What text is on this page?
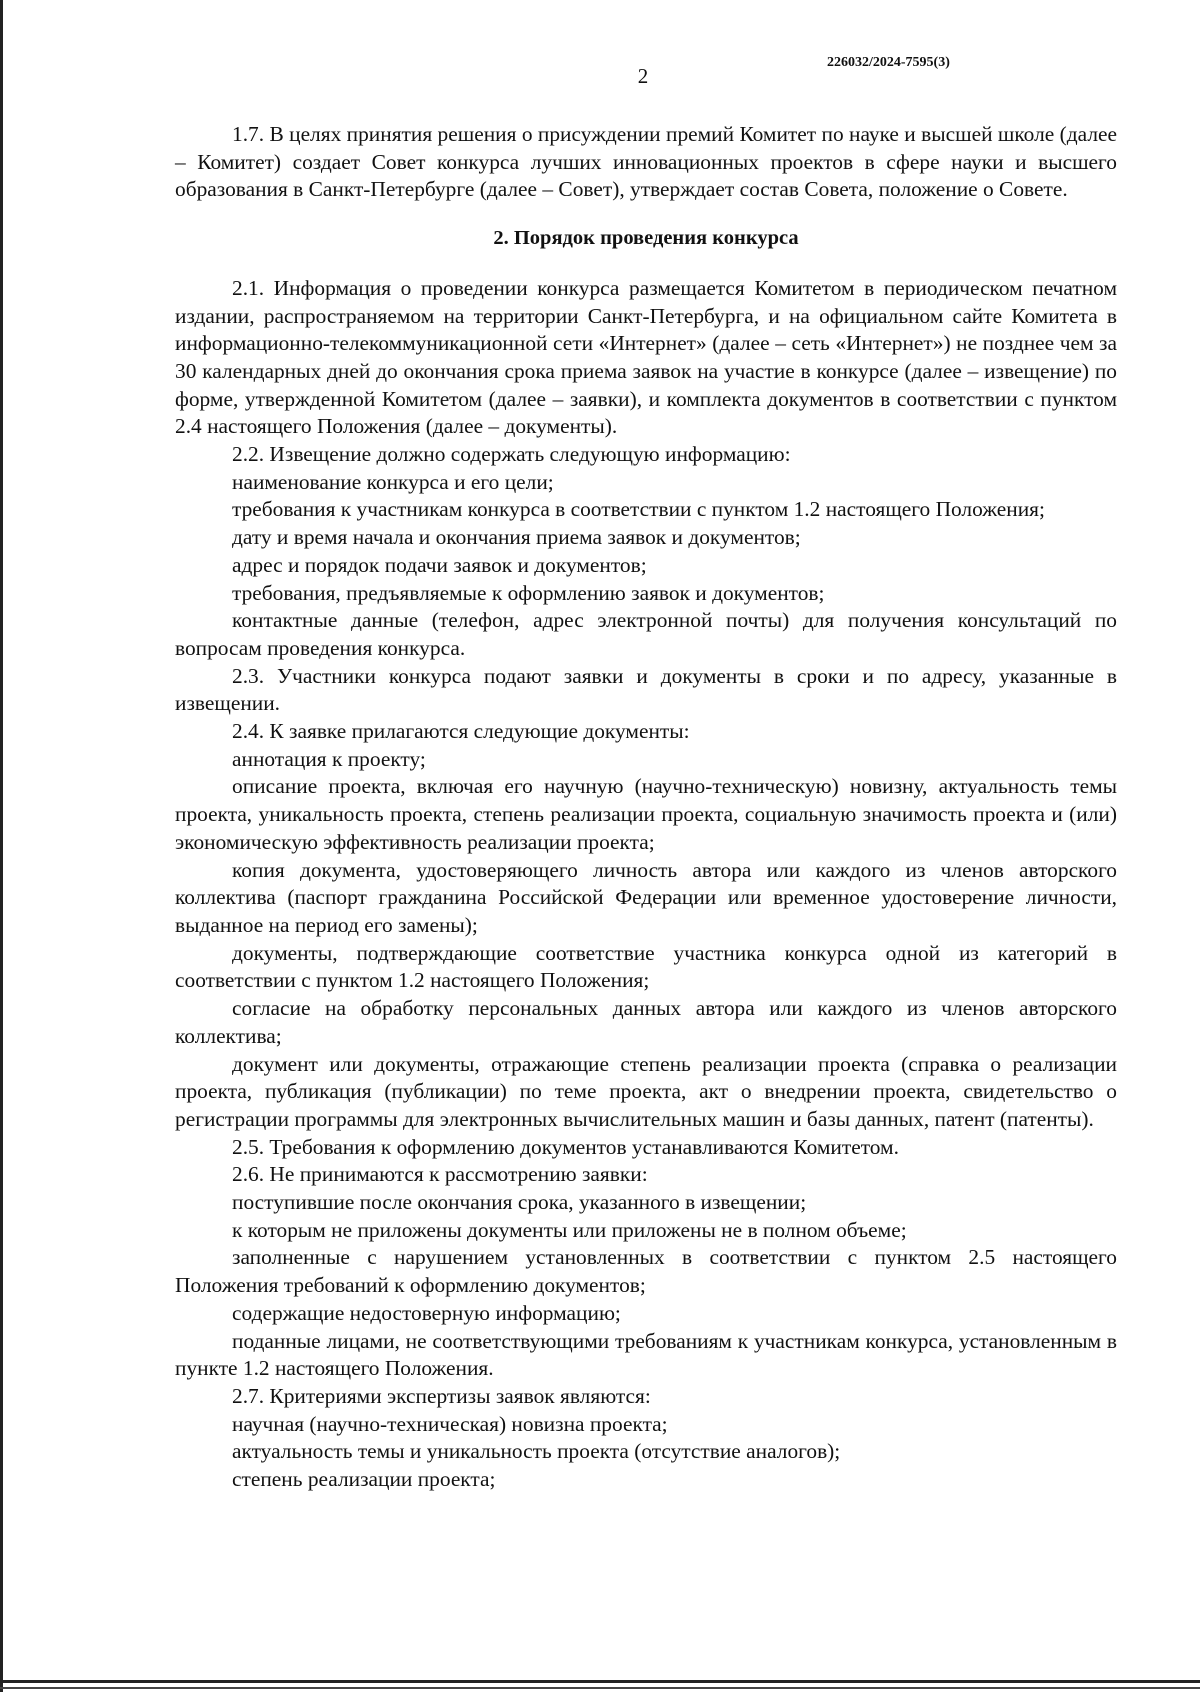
2
226032/2024-7595(3)

1.7. В целях принятия решения о присуждении премий Комитет по науке и высшей школе (далее – Комитет) создает Совет конкурса лучших инновационных проектов в сфере науки и высшего образования в Санкт-Петербурге (далее – Совет), утверждает состав Совета, положение о Совете.

2. Порядок проведения конкурса

2.1. Информация о проведении конкурса размещается Комитетом в периодическом печатном издании, распространяемом на территории Санкт-Петербурга, и на официальном сайте Комитета в информационно-телекоммуникационной сети «Интернет» (далее – сеть «Интернет») не позднее чем за 30 календарных дней до окончания срока приема заявок на участие в конкурсе (далее – извещение) по форме, утвержденной Комитетом (далее – заявки), и комплекта документов в соответствии с пунктом 2.4 настоящего Положения (далее – документы).

2.2. Извещение должно содержать следующую информацию:

наименование конкурса и его цели;

требования к участникам конкурса в соответствии с пунктом 1.2 настоящего Положения;

дату и время начала и окончания приема заявок и документов;

адрес и порядок подачи заявок и документов;

требования, предъявляемые к оформлению заявок и документов;

контактные данные (телефон, адрес электронной почты) для получения консультаций по вопросам проведения конкурса.

2.3. Участники конкурса подают заявки и документы в сроки и по адресу, указанные в извещении.

2.4. К заявке прилагаются следующие документы:

аннотация к проекту;

описание проекта, включая его научную (научно-техническую) новизну, актуальность темы проекта, уникальность проекта, степень реализации проекта, социальную значимость проекта и (или) экономическую эффективность реализации проекта;

копия документа, удостоверяющего личность автора или каждого из членов авторского коллектива (паспорт гражданина Российской Федерации или временное удостоверение личности, выданное на период его замены);

документы, подтверждающие соответствие участника конкурса одной из категорий в соответствии с пунктом 1.2 настоящего Положения;

согласие на обработку персональных данных автора или каждого из членов авторского коллектива;

документ или документы, отражающие степень реализации проекта (справка о реализации проекта, публикация (публикации) по теме проекта, акт о внедрении проекта, свидетельство о регистрации программы для электронных вычислительных машин и базы данных, патент (патенты).

2.5. Требования к оформлению документов устанавливаются Комитетом.

2.6. Не принимаются к рассмотрению заявки:

поступившие после окончания срока, указанного в извещении;

к которым не приложены документы или приложены не в полном объеме;

заполненные с нарушением установленных в соответствии с пунктом 2.5 настоящего Положения требований к оформлению документов;

содержащие недостоверную информацию;

поданные лицами, не соответствующими требованиям к участникам конкурса, установленным в пункте 1.2 настоящего Положения.

2.7. Критериями экспертизы заявок являются:

научная (научно-техническая) новизна проекта;

актуальность темы и уникальность проекта (отсутствие аналогов);

степень реализации проекта;
